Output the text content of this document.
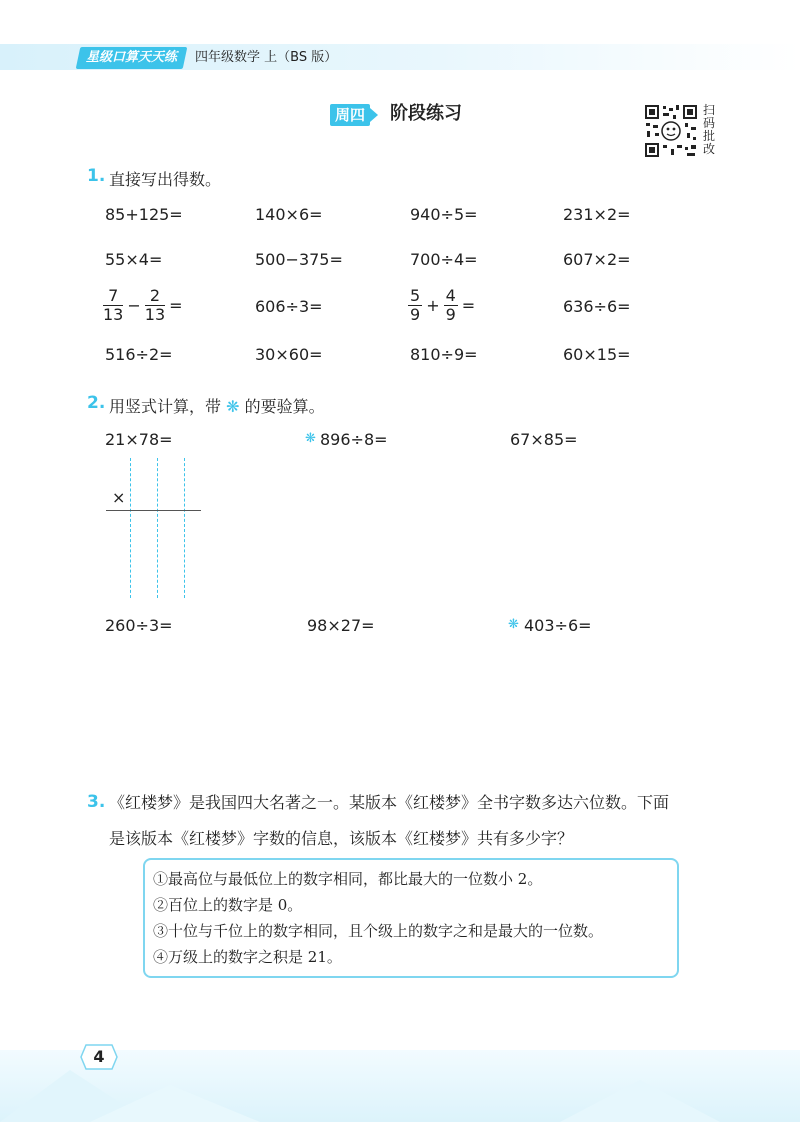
星级口算天天练	四年级数学 上（BS 版）
周四 阶段练习	扫码批改
1. 直接写出得数。
85+125=	140×6=	940÷5=	231×2=
55×4=	500−375=	700÷4=	607×2=
$\frac{7}{13} - \frac{2}{13}$ =	606÷3=	$\frac{5}{9} + \frac{4}{9}$ =	636÷6=
516÷2=	30×60=	810÷9=	60×15=
2. 用竖式计算，带 ❋ 的要验算。
21×78=	❋ 896÷8=	67×85=
×
260÷3=	98×27=	❋ 403÷6=
3. 《红楼梦》是我国四大名著之一。某版本《红楼梦》全书字数多达六位数。下面
是该版本《红楼梦》字数的信息，该版本《红楼梦》共有多少字？
①最高位与最低位上的数字相同，都比最大的一位数小 2。
②百位上的数字是 0。
③十位与千位上的数字相同，且个级上的数字之和是最大的一位数。
④万级上的数字之积是 21。
4
